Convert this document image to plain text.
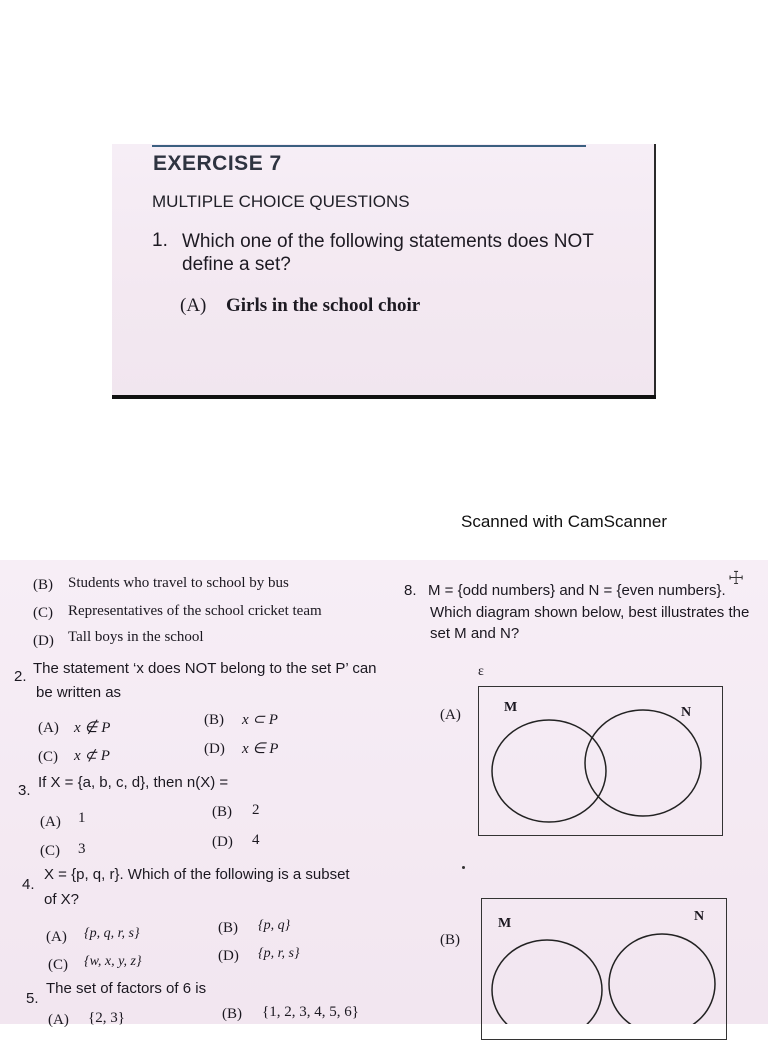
EXERCISE 7
MULTIPLE CHOICE QUESTIONS
1. Which one of the following statements does NOT define a set?
(A) Girls in the school choir
Scanned with CamScanner
☩
(B) Students who travel to school by bus
(C) Representatives of the school cricket team
(D) Tall boys in the school
2. The statement ‘x does NOT belong to the set P’ can
be written as
(A) x ∉ P	(B) x ⊂ P
(C) x ⊄ P	(D) x ∈ P
3. If X = {a, b, c, d}, then n(X) =
(A) 1	(B) 2
(C) 3	(D) 4
4.
X = {p, q, r}. Which of the following is a subset
of X?
(A) {p, q, r, s}	(B) {p, q}
(C) {w, x, y, z}	(D) {p, r, s}
5.
The set of factors of 6 is
(A) {2, 3}	(B) {1, 2, 3, 4, 5, 6}
8. M = {odd numbers} and N = {even numbers}.
Which diagram shown below, best illustrates the
set M and N?
ε
(A)	M	N
(B)
M	N
